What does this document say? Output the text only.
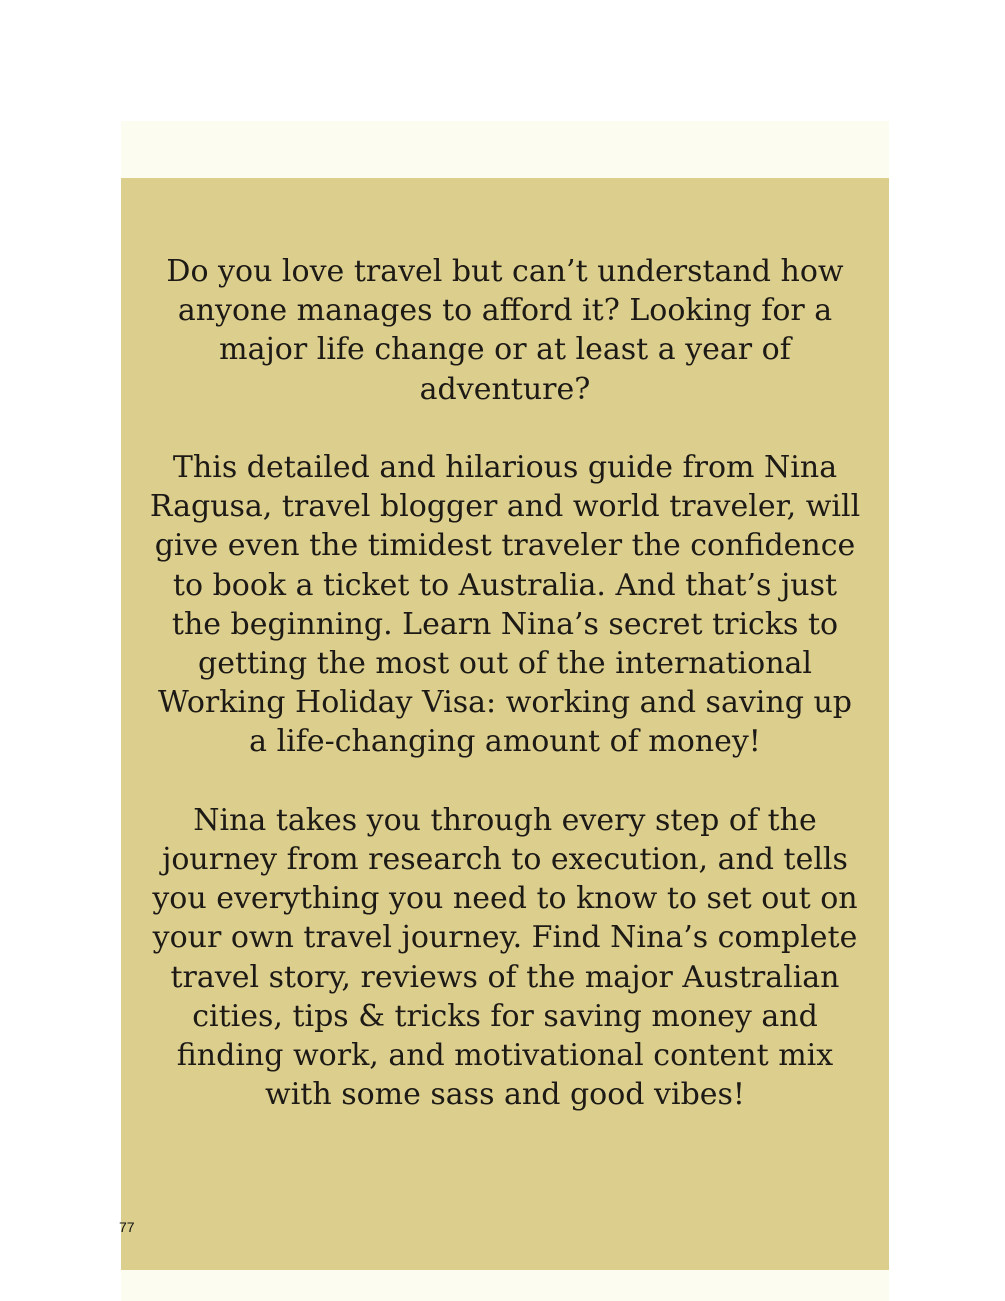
Do you love travel but can’t understand how anyone manages to afford it? Looking for a major life change or at least a year of adventure?

This detailed and hilarious guide from Nina Ragusa, travel blogger and world traveler, will give even the timidest traveler the confidence to book a ticket to Australia. And that’s just the beginning. Learn Nina’s secret tricks to getting the most out of the international Working Holiday Visa: working and saving up a life-changing amount of money!

Nina takes you through every step of the journey from research to execution, and tells you everything you need to know to set out on your own travel journey. Find Nina’s complete travel story, reviews of the major Australian cities, tips & tricks for saving money and finding work, and motivational content mix with some sass and good vibes!

77
